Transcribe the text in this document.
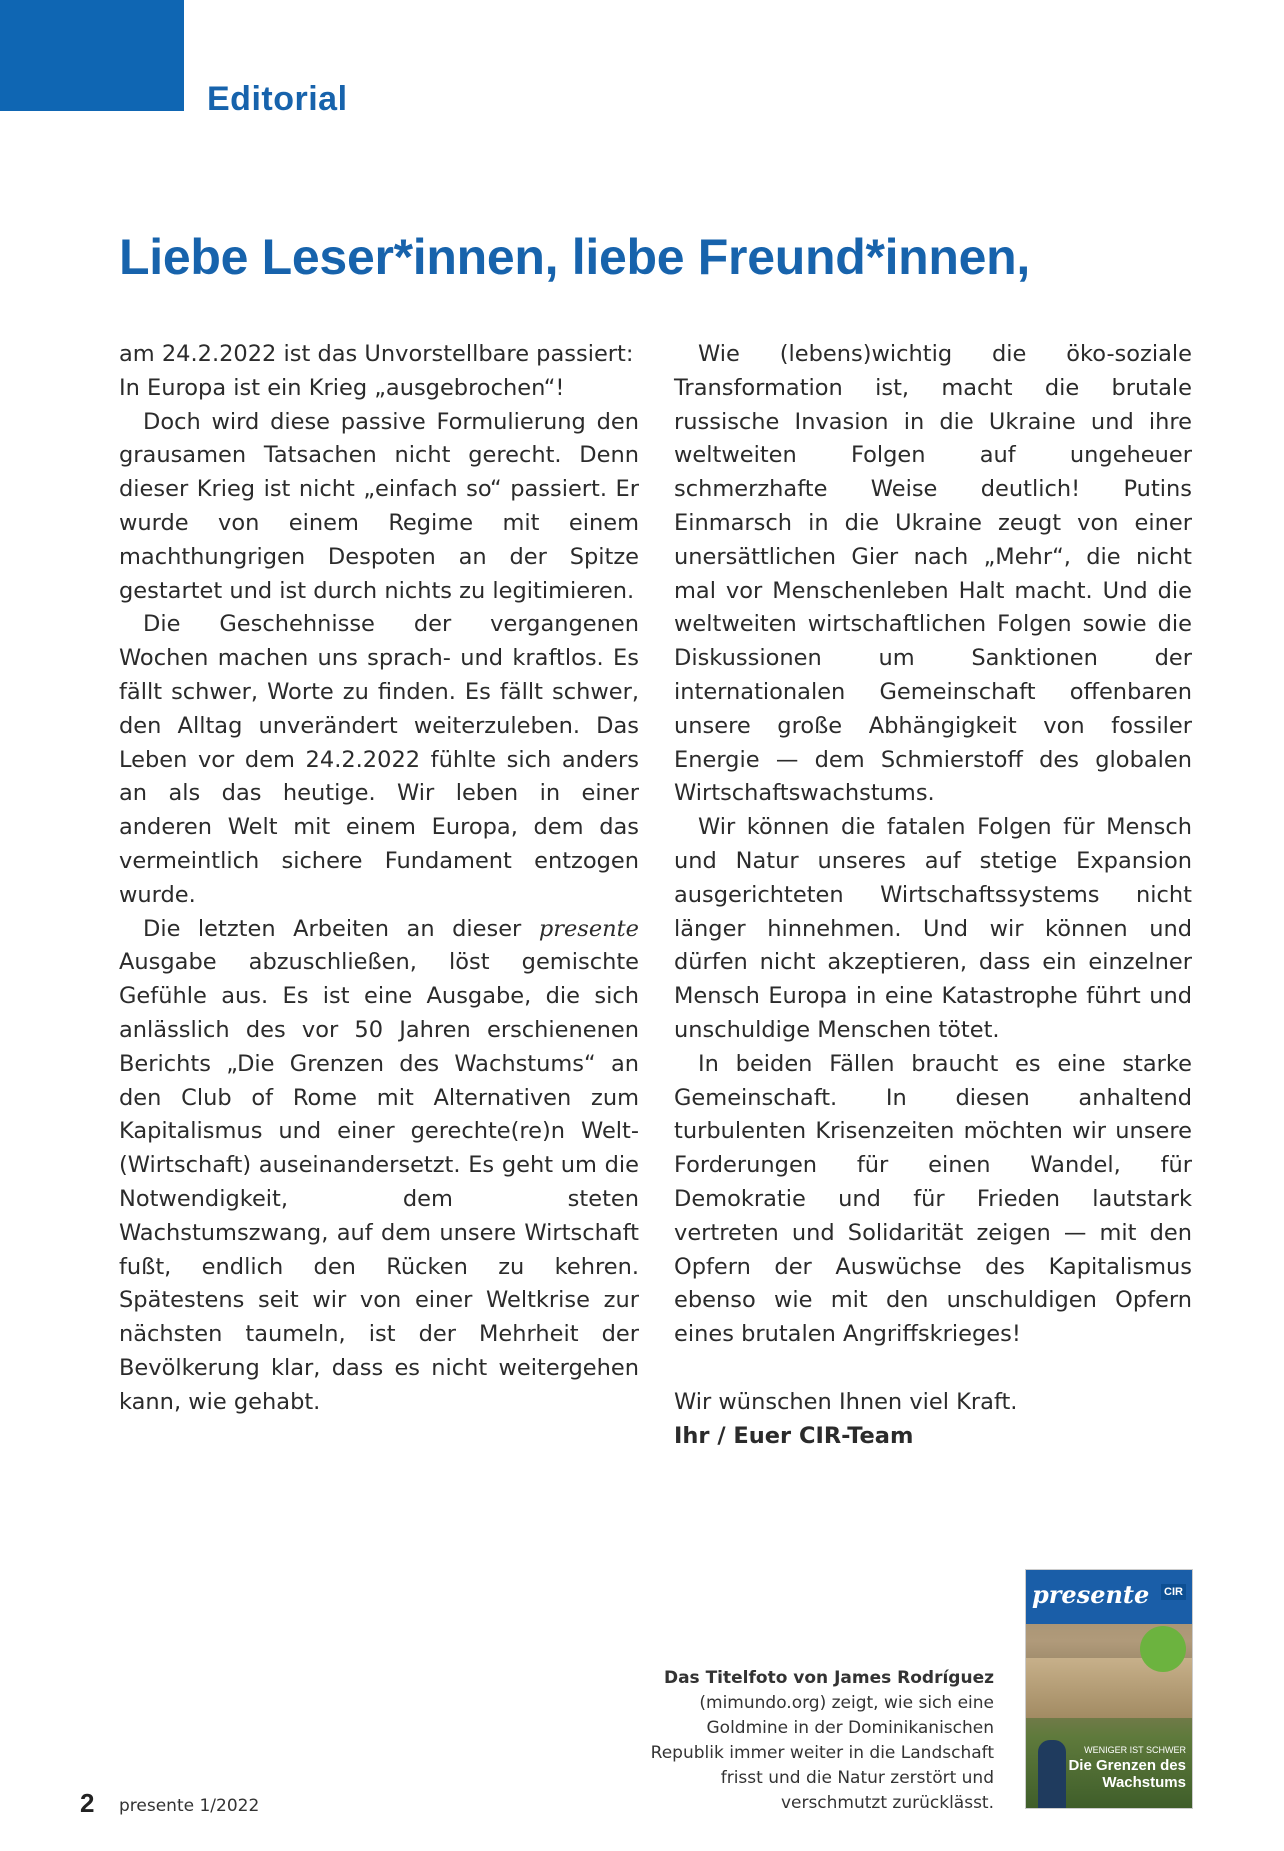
Editorial
Liebe Leser*innen, liebe Freund*innen,

am 24.2.2022 ist das Unvorstellbare passiert: In Europa ist ein Krieg „ausgebrochen“!

Doch wird diese passive Formulierung den grausamen Tatsachen nicht gerecht. Denn dieser Krieg ist nicht „einfach so“ passiert. Er wurde von einem Regime mit einem machthungrigen Despoten an der Spitze gestartet und ist durch nichts zu legitimieren.

Die Geschehnisse der vergangenen Wochen machen uns sprach- und kraftlos. Es fällt schwer, Worte zu finden. Es fällt schwer, den Alltag unverändert weiterzuleben. Das Leben vor dem 24.2.2022 fühlte sich anders an als das heutige. Wir leben in einer anderen Welt mit einem Europa, dem das vermeintlich sichere Fundament entzogen wurde.

Die letzten Arbeiten an dieser presente Ausgabe abzuschließen, löst gemischte Gefühle aus. Es ist eine Ausgabe, die sich anlässlich des vor 50 Jahren erschienenen Berichts „Die Grenzen des Wachstums“ an den Club of Rome mit Alternativen zum Kapitalismus und einer gerechte(re)n Welt-(Wirtschaft) auseinandersetzt. Es geht um die Notwendigkeit, dem steten Wachstumszwang, auf dem unsere Wirtschaft fußt, endlich den Rücken zu kehren. Spätestens seit wir von einer Weltkrise zur nächsten taumeln, ist der Mehrheit der Bevölkerung klar, dass es nicht weitergehen kann, wie gehabt.

Wie (lebens)wichtig die öko-soziale Transformation ist, macht die brutale russische Invasion in die Ukraine und ihre weltweiten Folgen auf ungeheuer schmerzhafte Weise deutlich! Putins Einmarsch in die Ukraine zeugt von einer unersättlichen Gier nach „Mehr“, die nicht mal vor Menschenleben Halt macht. Und die weltweiten wirtschaftlichen Folgen sowie die Diskussionen um Sanktionen der internationalen Gemeinschaft offenbaren unsere große Abhängigkeit von fossiler Energie — dem Schmierstoff des globalen Wirtschaftswachstums.

Wir können die fatalen Folgen für Mensch und Natur unseres auf stetige Expansion ausgerichteten Wirtschaftssystems nicht länger hinnehmen. Und wir können und dürfen nicht akzeptieren, dass ein einzelner Mensch Europa in eine Katastrophe führt und unschuldige Menschen tötet.

In beiden Fällen braucht es eine starke Gemeinschaft. In diesen anhaltend turbulenten Krisenzeiten möchten wir unsere Forderungen für einen Wandel, für Demokratie und für Frieden lautstark vertreten und Solidarität zeigen — mit den Opfern der Auswüchse des Kapitalismus ebenso wie mit den unschuldigen Opfern eines brutalen Angriffskrieges!

Wir wünschen Ihnen viel Kraft.

Ihr / Euer CIR-Team

Das Titelfoto von James Rodríguez
(mimundo.org) zeigt, wie sich eine Goldmine in der Dominikanischen Republik immer weiter in die Landschaft frisst und die Natur zerstört und verschmutzt zurücklässt.
presente CIR
WENIGER IST SCHWER
Die Grenzen des Wachstums
2 presente 1/2022
